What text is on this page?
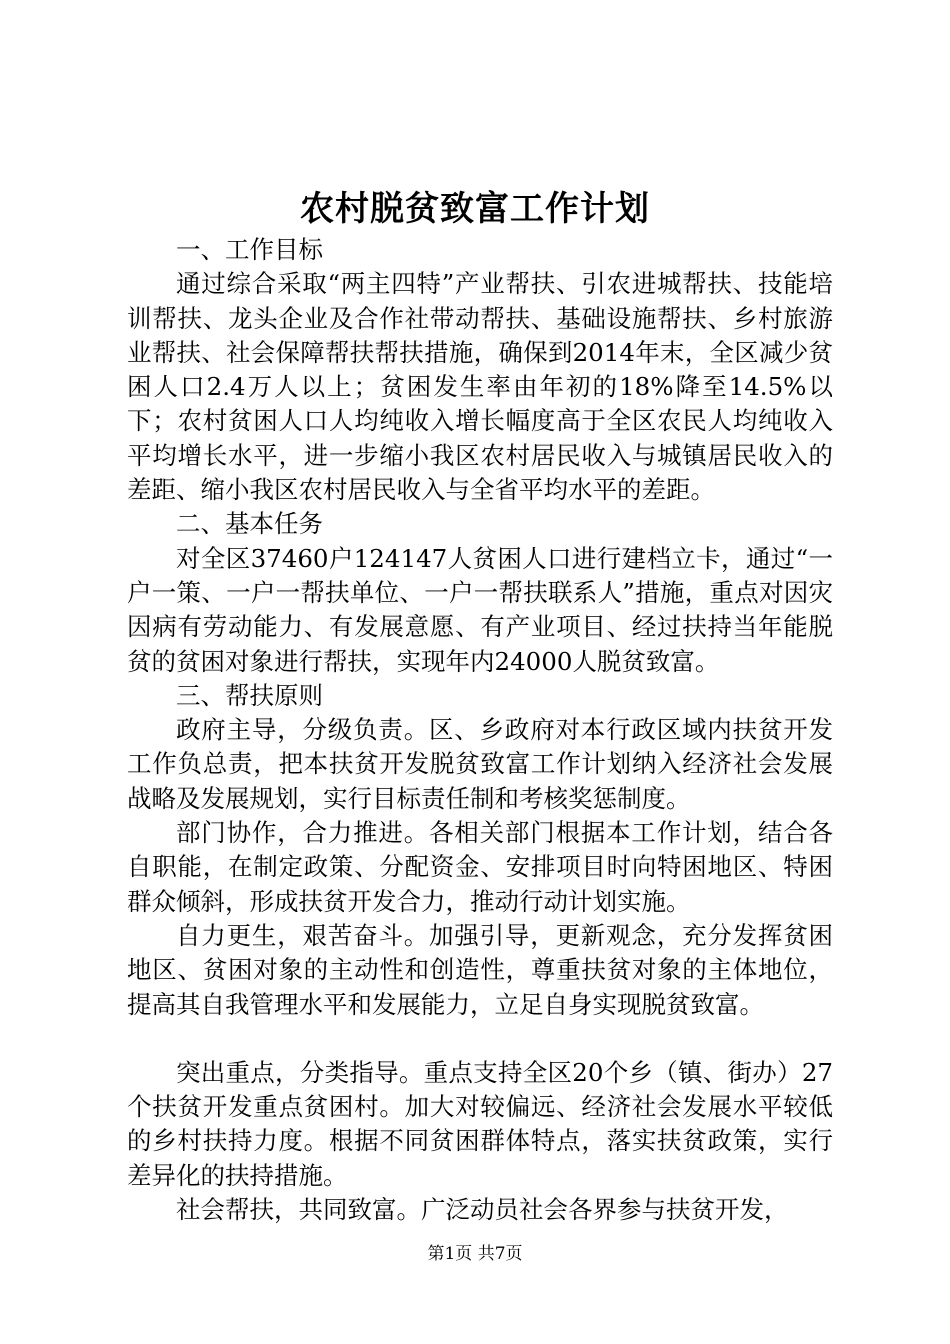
农村脱贫致富工作计划

一、工作目标

通过综合采取“两主四特”产业帮扶、引农进城帮扶、技能培训帮扶、龙头企业及合作社带动帮扶、基础设施帮扶、乡村旅游业帮扶、社会保障帮扶帮扶措施，确保到2014年末，全区减少贫困人口2.4万人以上；贫困发生率由年初的18%降至14.5%以下；农村贫困人口人均纯收入增长幅度高于全区农民人均纯收入平均增长水平，进一步缩小我区农村居民收入与城镇居民收入的差距、缩小我区农村居民收入与全省平均水平的差距。

二、基本任务

对全区37460户124147人贫困人口进行建档立卡，通过“一户一策、一户一帮扶单位、一户一帮扶联系人”措施，重点对因灾因病有劳动能力、有发展意愿、有产业项目、经过扶持当年能脱贫的贫困对象进行帮扶，实现年内24000人脱贫致富。

三、帮扶原则

政府主导，分级负责。区、乡政府对本行政区域内扶贫开发工作负总责，把本扶贫开发脱贫致富工作计划纳入经济社会发展战略及发展规划，实行目标责任制和考核奖惩制度。

部门协作，合力推进。各相关部门根据本工作计划，结合各自职能，在制定政策、分配资金、安排项目时向特困地区、特困群众倾斜，形成扶贫开发合力，推动行动计划实施。

自力更生，艰苦奋斗。加强引导，更新观念，充分发挥贫困地区、贫困对象的主动性和创造性，尊重扶贫对象的主体地位，提高其自我管理水平和发展能力，立足自身实现脱贫致富。

突出重点，分类指导。重点支持全区20个乡（镇、街办）27个扶贫开发重点贫困村。加大对较偏远、经济社会发展水平较低的乡村扶持力度。根据不同贫困群体特点，落实扶贫政策，实行差异化的扶持措施。

社会帮扶，共同致富。广泛动员社会各界参与扶贫开发，

第1页 共7页
